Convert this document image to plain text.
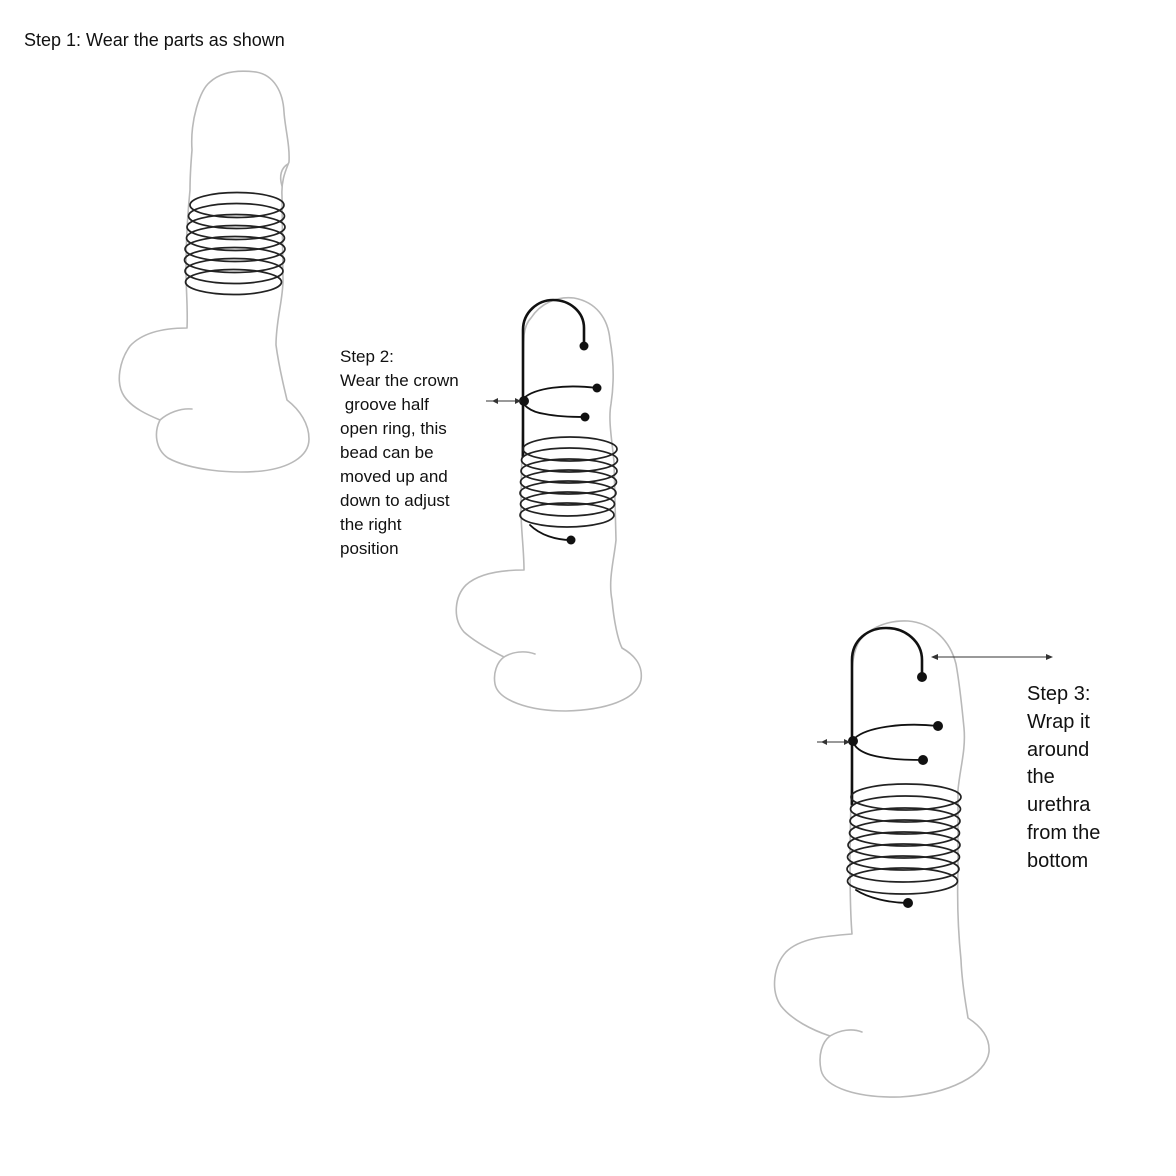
Step 1: Wear the parts as shown
Step 2:
Wear the crown
groove half
open ring, this
bead can be
moved up and
down to adjust
the right
position
Step 3:
Wrap it
around
the
urethra
from the
bottom
